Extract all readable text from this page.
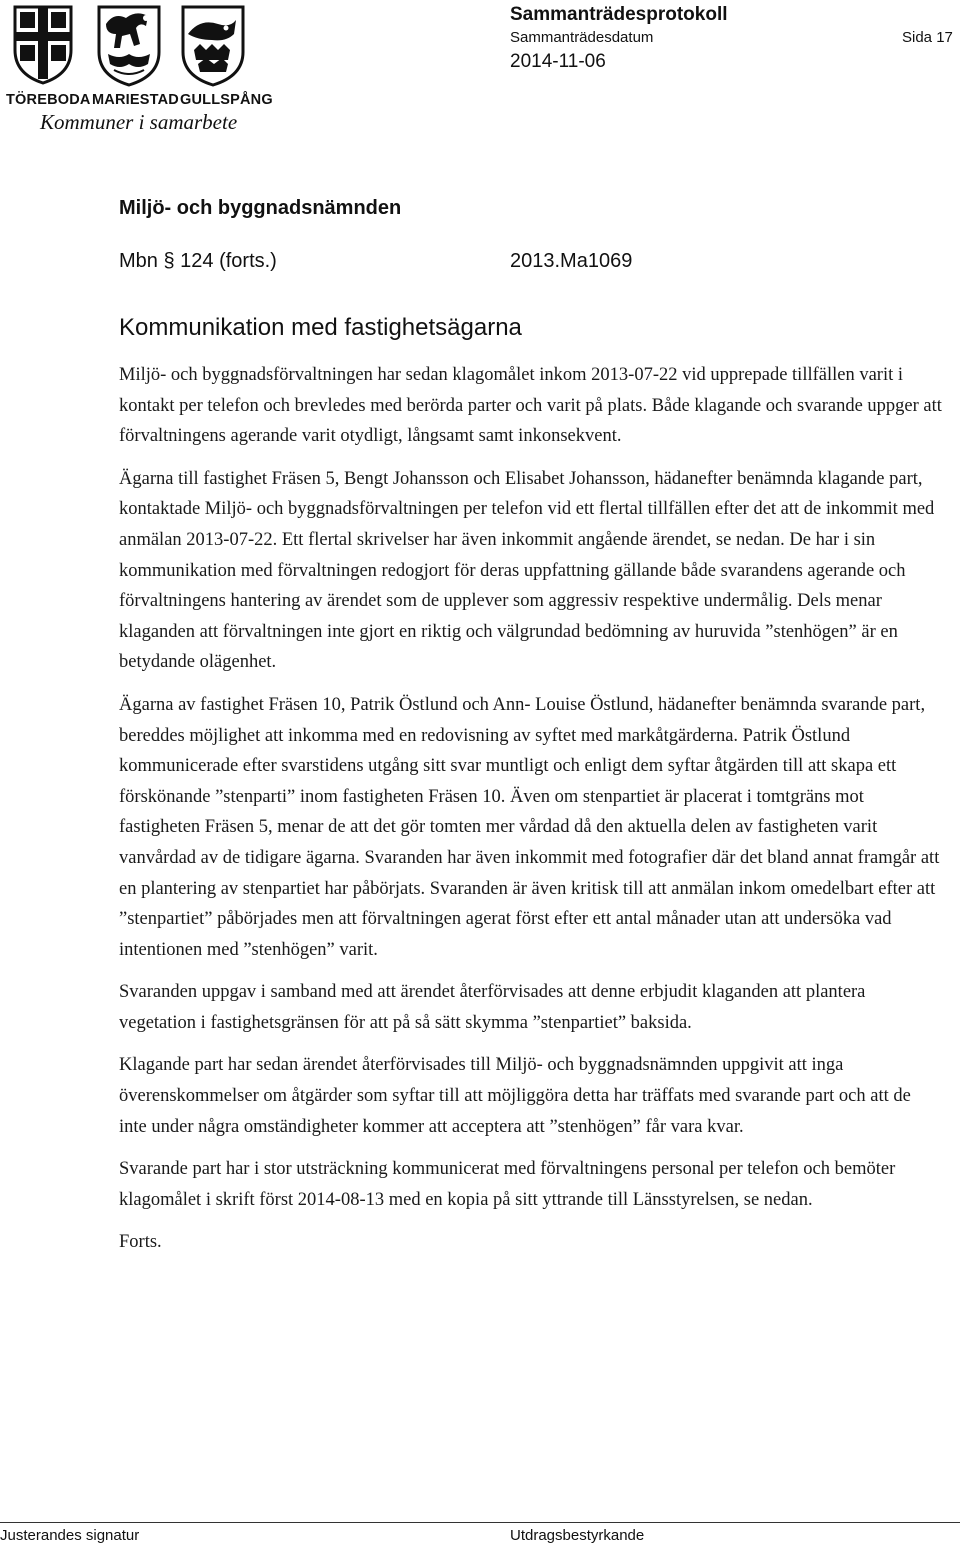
TÖREBODA MARIESTAD GULLSPÅNG
Kommuner i samarbete
Sammanträdesprotokoll
Sammanträdesdatum	Sida 17
2014-11-06
Miljö- och byggnadsnämnden
Mbn § 124 (forts.)	2013.Ma1069
Kommunikation med fastighetsägarna

Miljö- och byggnadsförvaltningen har sedan klagomålet inkom 2013-07-22 vid upprepade tillfällen varit i kontakt per telefon och brevledes med berörda parter och varit på plats. Både klagande och svarande uppger att förvaltningens agerande varit otydligt, långsamt samt inkonsekvent.

Ägarna till fastighet Fräsen 5, Bengt Johansson och Elisabet Johansson, hädanefter benämnda klagande part, kontaktade Miljö- och byggnadsförvaltningen per telefon vid ett flertal tillfällen efter det att de inkommit med anmälan 2013-07-22. Ett flertal skrivelser har även inkommit angående ärendet, se nedan. De har i sin kommunikation med förvaltningen redogjort för deras uppfattning gällande både svarandens agerande och förvaltningens hantering av ärendet som de upplever som aggressiv respektive undermålig. Dels menar klaganden att förvaltningen inte gjort en riktig och välgrundad bedömning av huruvida ”stenhögen” är en betydande olägenhet.

Ägarna av fastighet Fräsen 10, Patrik Östlund och Ann- Louise Östlund, hädanefter benämnda svarande part, bereddes möjlighet att inkomma med en redovisning av syftet med markåtgärderna. Patrik Östlund kommunicerade efter svarstidens utgång sitt svar muntligt och enligt dem syftar åtgärden till att skapa ett förskönande ”stenparti” inom fastigheten Fräsen 10. Även om stenpartiet är placerat i tomtgräns mot fastigheten Fräsen 5, menar de att det gör tomten mer vårdad då den aktuella delen av fastigheten varit vanvårdad av de tidigare ägarna. Svaranden har även inkommit med fotografier där det bland annat framgår att en plantering av stenpartiet har påbörjats. Svaranden är även kritisk till att anmälan inkom omedelbart efter att ”stenpartiet” påbörjades men att förvaltningen agerat först efter ett antal månader utan att undersöka vad intentionen med ”stenhögen” varit.

Svaranden uppgav i samband med att ärendet återförvisades att denne erbjudit klaganden att plantera vegetation i fastighetsgränsen för att på så sätt skymma ”stenpartiet” baksida.

Klagande part har sedan ärendet återförvisades till Miljö- och byggnadsnämnden uppgivit att inga överenskommelser om åtgärder som syftar till att möjliggöra detta har träffats med svarande part och att de inte under några omständigheter kommer att acceptera att ”stenhögen” får vara kvar.

Svarande part har i stor utsträckning kommunicerat med förvaltningens personal per telefon och bemöter klagomålet i skrift först 2014-08-13 med en kopia på sitt yttrande till Länsstyrelsen, se nedan.

Forts.

Justerandes signatur	Utdragsbestyrkande
